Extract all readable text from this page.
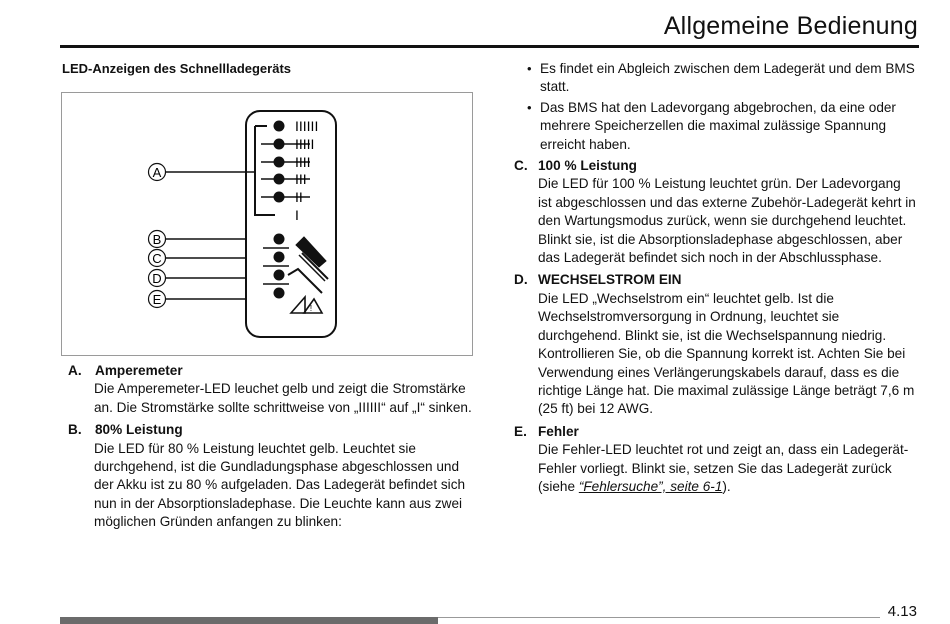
Allgemeine Bedienung
LED-Anzeigen des Schnellladegeräts
IIIIII
IIIII
IIII
III
II
I
A
!
B
C
D
E
A. Amperemeter
Die Amperemeter-LED leuchet gelb und zeigt die Stromstärke an. Die Stromstärke sollte schrittweise von „IIIIII“ auf „I“ sinken.
B. 80% Leistung
Die LED für 80 % Leistung leuchtet gelb. Leuchtet sie durchgehend, ist die Gundladungsphase abgeschlossen und der Akku ist zu 80 % aufgeladen. Das Ladegerät befindet sich nun in der Absorptionsladephase. Die Leuchte kann aus zwei möglichen Gründen anfangen zu blinken:
• Es findet ein Abgleich zwischen dem Ladegerät und dem BMS statt.
• Das BMS hat den Ladevorgang abgebrochen, da eine oder mehrere Speicherzellen die maximal zulässige Spannung erreicht haben.
C. 100 % Leistung
Die LED für 100 % Leistung leuchtet grün. Der Ladevorgang ist abgeschlossen und das externe Zubehör-Ladegerät kehrt in den Wartungsmodus zurück, wenn sie durchgehend leuchtet. Blinkt sie, ist die Absorptionsladephase abgeschlossen, aber das Ladegerät befindet sich noch in der Abschlussphase.
D. WECHSELSTROM EIN
Die LED „Wechselstrom ein“ leuchtet gelb. Ist die Wechselstromversorgung in Ordnung, leuchtet sie durchgehend. Blinkt sie, ist die Wechselspannung niedrig. Kontrollieren Sie, ob die Spannung korrekt ist. Achten Sie bei Verwendung eines Verlängerungskabels darauf, dass es die richtige Länge hat. Die maximal zulässige Länge beträgt 7,6 m (25 ft) bei 12 AWG.
E. Fehler
Die Fehler-LED leuchtet rot und zeigt an, dass ein Ladegerät-Fehler vorliegt. Blinkt sie, setzen Sie das Ladegerät zurück (siehe “Fehlersuche”, seite 6-1).
4.13
